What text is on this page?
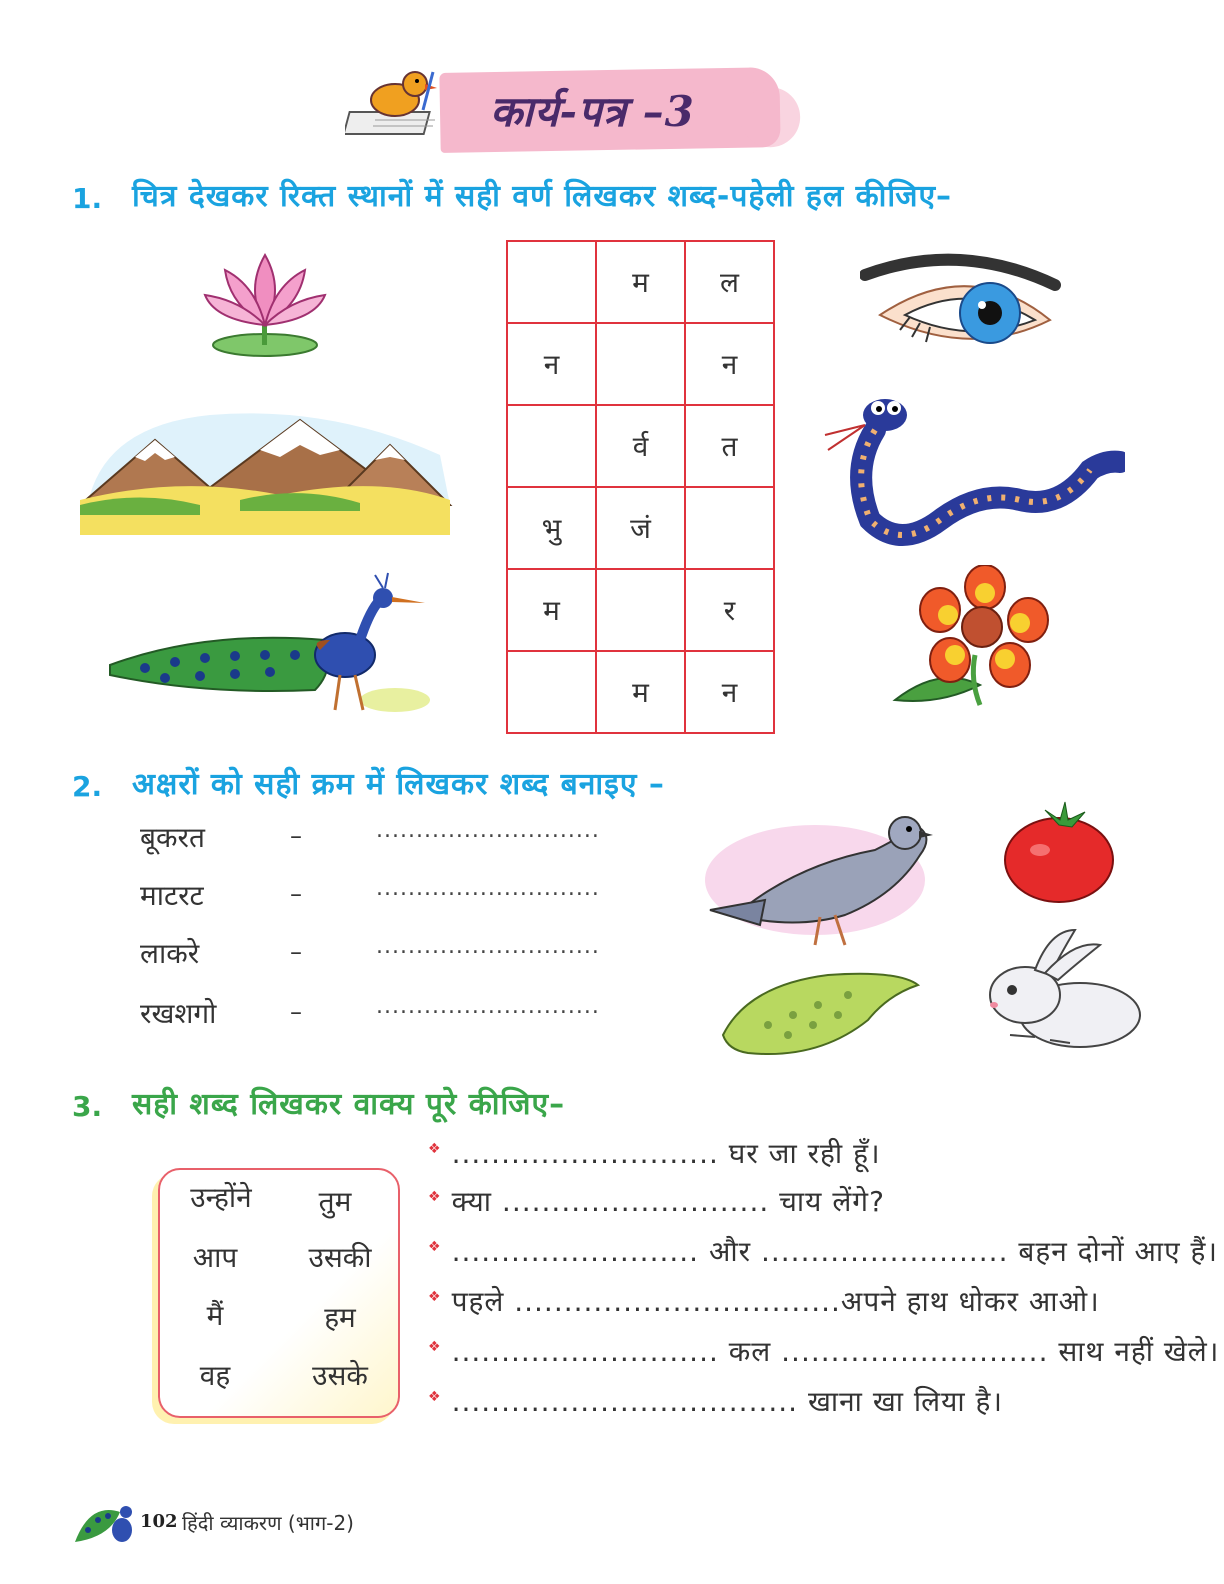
कार्य-पत्र –3
1. चित्र देखकर रिक्त स्थानों में सही वर्ण लिखकर शब्द-पहेली हल कीजिए–
	म	ल
न		न
	र्व	त
भु	जं	
म		र
	म	न
2. अक्षरों को सही क्रम में लिखकर शब्द बनाइए –
बूकरत	–	............................
माटरट	–	............................
लाकरे	–	............................
रखशगो	–	............................
3. सही शब्द लिखकर वाक्य पूरे कीजिए–
उन्होंने	तुम
आप	उसकी
मैं	हम
वह	उसके
❖ ........................... घर जा रही हूँ।
❖ क्या ........................... चाय लेंगे?
❖ ......................... और ......................... बहन दोनों आए हैं।
❖ पहले .................................अपने हाथ धोकर आओ।
❖ ........................... कल ........................... साथ नहीं खेले।
❖ ................................... खाना खा लिया है।
102 हिंदी व्याकरण (भाग-2)
